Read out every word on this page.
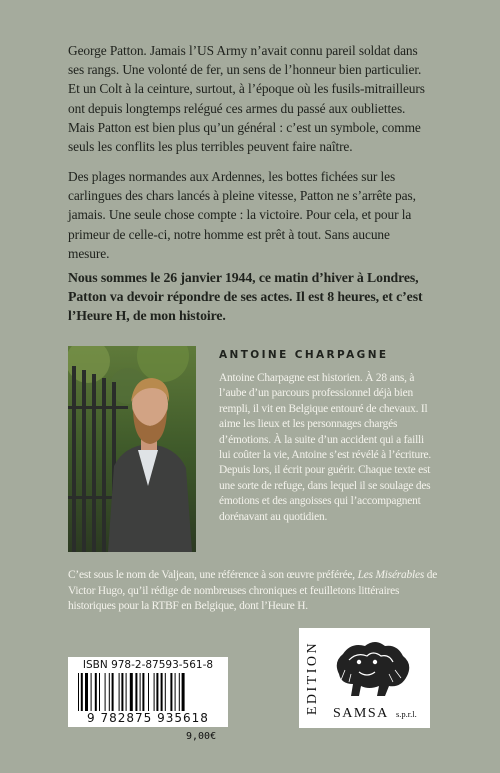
George Patton. Jamais l’US Army n’avait connu pareil soldat dans ses rangs. Une volonté de fer, un sens de l’honneur bien particulier. Et un Colt à la ceinture, surtout, à l’époque où les fusils-mitrailleurs ont depuis longtemps relégué ces armes du passé aux oubliettes. Mais Patton est bien plus qu’un général : c’est un symbole, comme seuls les conflits les plus terribles peuvent faire naître.
Des plages normandes aux Ardennes, les bottes fichées sur les carlingues des chars lancés à pleine vitesse, Patton ne s’arrête pas, jamais. Une seule chose compte : la victoire. Pour cela, et pour la primeur de celle-ci, notre homme est prêt à tout. Sans aucune mesure.
Nous sommes le 26 janvier 1944, ce matin d’hiver à Londres, Patton va devoir répondre de ses actes. Il est 8 heures, et c’est l’Heure H, de mon histoire.
ANTOINE CHARPAGNE
Antoine Charpagne est historien. À 28 ans, à l’aube d’un parcours professionnel déjà bien rempli, il vit en Belgique entouré de chevaux. Il aime les lieux et les personnages chargés d’émotions. À la suite d’un accident qui a failli lui coûter la vie, Antoine s’est révélé à l’écriture. Depuis lors, il écrit pour guérir. Chaque texte est une sorte de refuge, dans lequel il se soulage des émotions et des angoisses qui l’accompagnent dorénavant au quotidien.
C’est sous le nom de Valjean, une référence à son œuvre préférée, Les Misérables de Victor Hugo, qu’il rédige de nombreuses chroniques et feuilletons littéraires historiques pour la RTBF en Belgique, dont l’Heure H.
ISBN 978-2-87593-561-8
9 782875 935618
9,00€
EDITION SAMSA s.p.r.l.
